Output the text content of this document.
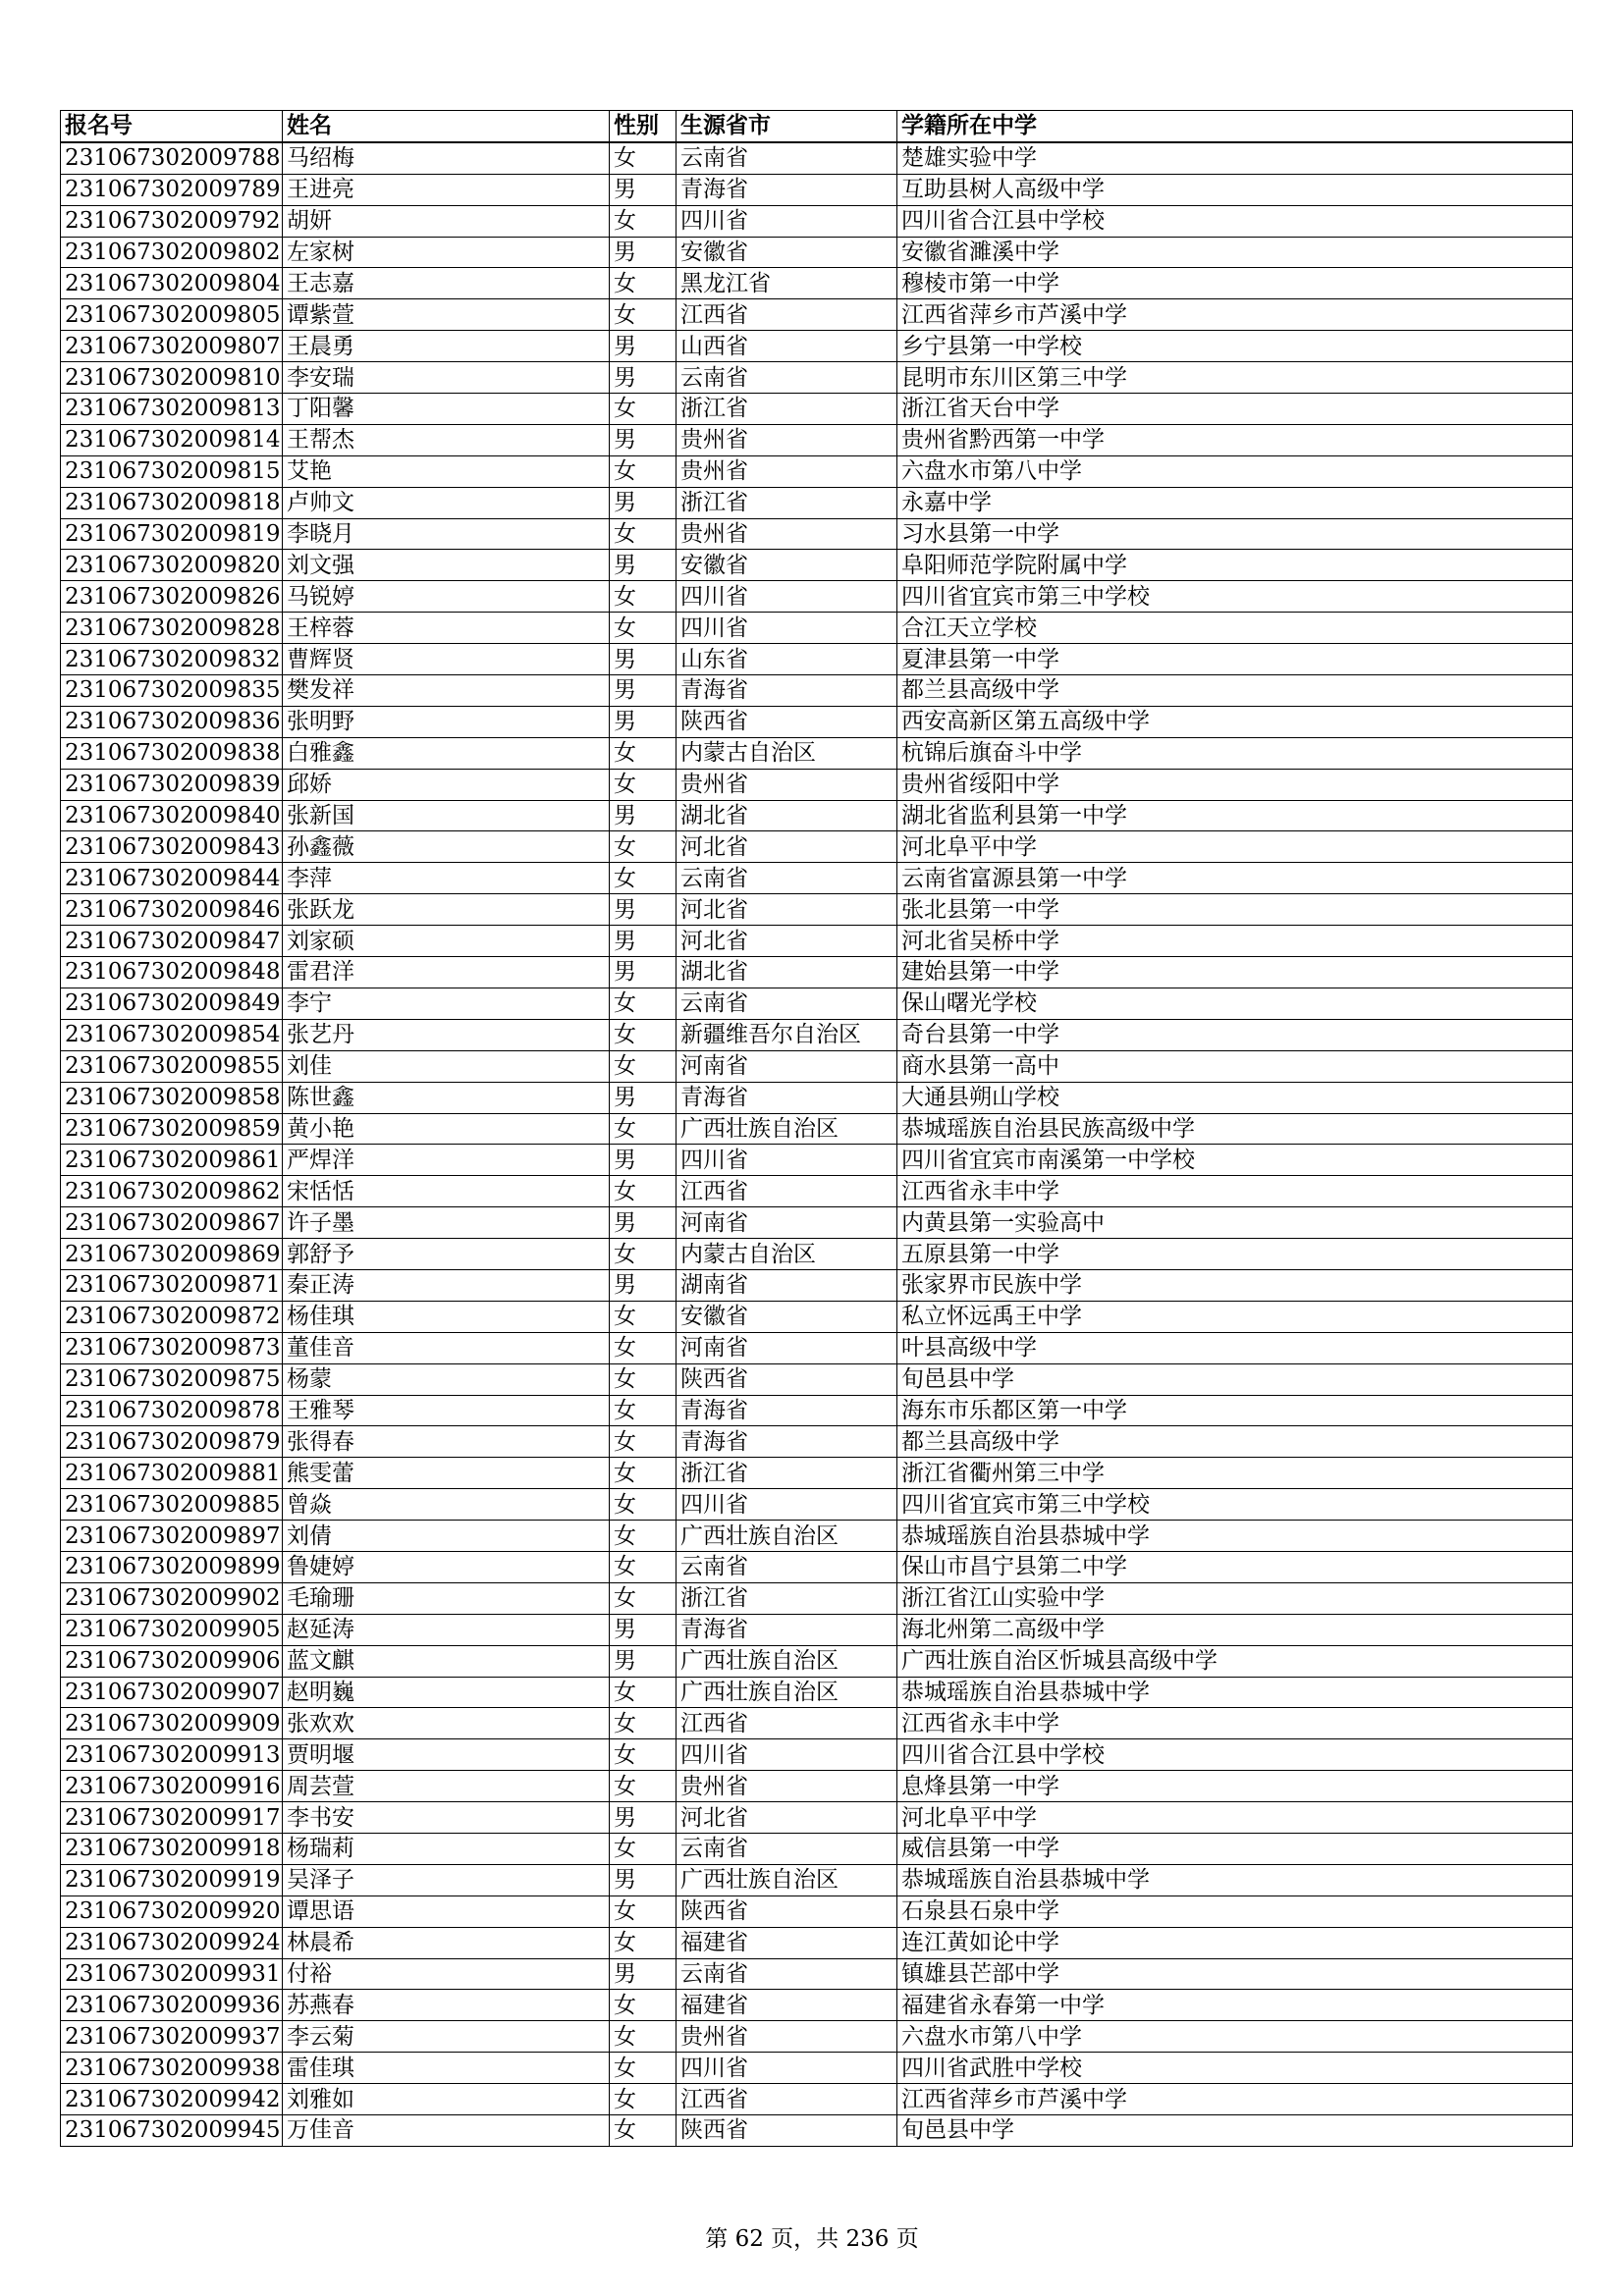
报名号	姓名	性别	生源省市	学籍所在中学
231067302009788	马绍梅	女	云南省	楚雄实验中学
231067302009789	王进亮	男	青海省	互助县树人高级中学
231067302009792	胡妍	女	四川省	四川省合江县中学校
231067302009802	左家树	男	安徽省	安徽省濉溪中学
231067302009804	王志嘉	女	黑龙江省	穆棱市第一中学
231067302009805	谭紫萱	女	江西省	江西省萍乡市芦溪中学
231067302009807	王晨勇	男	山西省	乡宁县第一中学校
231067302009810	李安瑞	男	云南省	昆明市东川区第三中学
231067302009813	丁阳馨	女	浙江省	浙江省天台中学
231067302009814	王帮杰	男	贵州省	贵州省黔西第一中学
231067302009815	艾艳	女	贵州省	六盘水市第八中学
231067302009818	卢帅文	男	浙江省	永嘉中学
231067302009819	李晓月	女	贵州省	习水县第一中学
231067302009820	刘文强	男	安徽省	阜阳师范学院附属中学
231067302009826	马锐婷	女	四川省	四川省宜宾市第三中学校
231067302009828	王梓蓉	女	四川省	合江天立学校
231067302009832	曹辉贤	男	山东省	夏津县第一中学
231067302009835	樊发祥	男	青海省	都兰县高级中学
231067302009836	张明野	男	陕西省	西安高新区第五高级中学
231067302009838	白雅鑫	女	内蒙古自治区	杭锦后旗奋斗中学
231067302009839	邱娇	女	贵州省	贵州省绥阳中学
231067302009840	张新国	男	湖北省	湖北省监利县第一中学
231067302009843	孙鑫薇	女	河北省	河北阜平中学
231067302009844	李萍	女	云南省	云南省富源县第一中学
231067302009846	张跃龙	男	河北省	张北县第一中学
231067302009847	刘家硕	男	河北省	河北省吴桥中学
231067302009848	雷君洋	男	湖北省	建始县第一中学
231067302009849	李宁	女	云南省	保山曙光学校
231067302009854	张艺丹	女	新疆维吾尔自治区	奇台县第一中学
231067302009855	刘佳	女	河南省	商水县第一高中
231067302009858	陈世鑫	男	青海省	大通县朔山学校
231067302009859	黄小艳	女	广西壮族自治区	恭城瑶族自治县民族高级中学
231067302009861	严焊洋	男	四川省	四川省宜宾市南溪第一中学校
231067302009862	宋恬恬	女	江西省	江西省永丰中学
231067302009867	许子墨	男	河南省	内黄县第一实验高中
231067302009869	郭舒予	女	内蒙古自治区	五原县第一中学
231067302009871	秦正涛	男	湖南省	张家界市民族中学
231067302009872	杨佳琪	女	安徽省	私立怀远禹王中学
231067302009873	董佳音	女	河南省	叶县高级中学
231067302009875	杨蒙	女	陕西省	旬邑县中学
231067302009878	王雅琴	女	青海省	海东市乐都区第一中学
231067302009879	张得春	女	青海省	都兰县高级中学
231067302009881	熊雯蕾	女	浙江省	浙江省衢州第三中学
231067302009885	曾焱	女	四川省	四川省宜宾市第三中学校
231067302009897	刘倩	女	广西壮族自治区	恭城瑶族自治县恭城中学
231067302009899	鲁婕婷	女	云南省	保山市昌宁县第二中学
231067302009902	毛瑜珊	女	浙江省	浙江省江山实验中学
231067302009905	赵延涛	男	青海省	海北州第二高级中学
231067302009906	蓝文麒	男	广西壮族自治区	广西壮族自治区忻城县高级中学
231067302009907	赵明巍	女	广西壮族自治区	恭城瑶族自治县恭城中学
231067302009909	张欢欢	女	江西省	江西省永丰中学
231067302009913	贾明堰	女	四川省	四川省合江县中学校
231067302009916	周芸萱	女	贵州省	息烽县第一中学
231067302009917	李书安	男	河北省	河北阜平中学
231067302009918	杨瑞莉	女	云南省	威信县第一中学
231067302009919	吴泽子	男	广西壮族自治区	恭城瑶族自治县恭城中学
231067302009920	谭思语	女	陕西省	石泉县石泉中学
231067302009924	林晨希	女	福建省	连江黄如论中学
231067302009931	付裕	男	云南省	镇雄县芒部中学
231067302009936	苏燕春	女	福建省	福建省永春第一中学
231067302009937	李云菊	女	贵州省	六盘水市第八中学
231067302009938	雷佳琪	女	四川省	四川省武胜中学校
231067302009942	刘雅如	女	江西省	江西省萍乡市芦溪中学
231067302009945	万佳音	女	陕西省	旬邑县中学
第 62 页，共 236 页
